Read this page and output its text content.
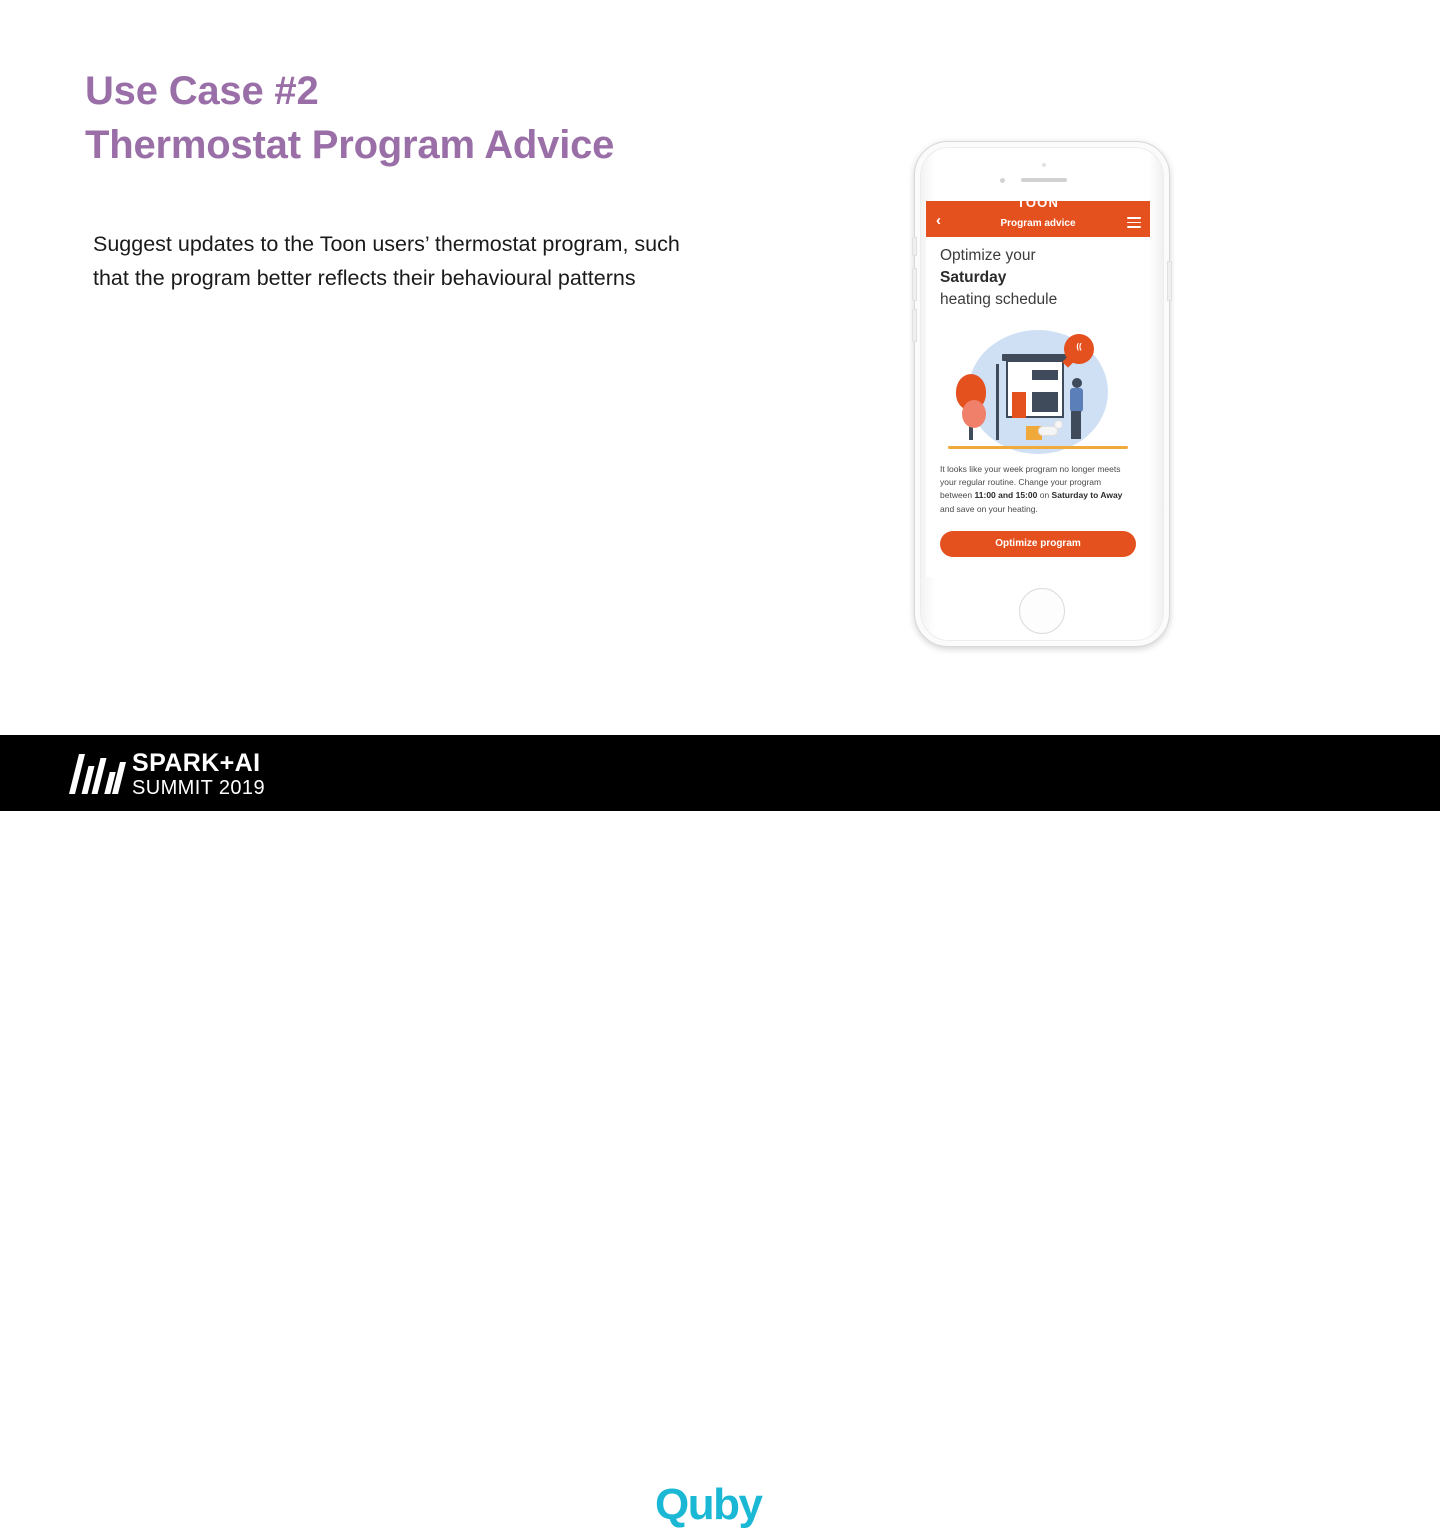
Use Case #2
Thermostat Program Advice
Suggest updates to the Toon users’ thermostat program, such that the program better reflects their behavioural patterns
TOON
‹	Program advice
Optimize your
Saturday
heating schedule
((
It looks like your week program no longer meets your regular routine. Change your program between 11:00 and 15:00 on Saturday to Away and save on your heating.
Optimize program
SPARK+AI
SUMMIT 2019
Quby	22
